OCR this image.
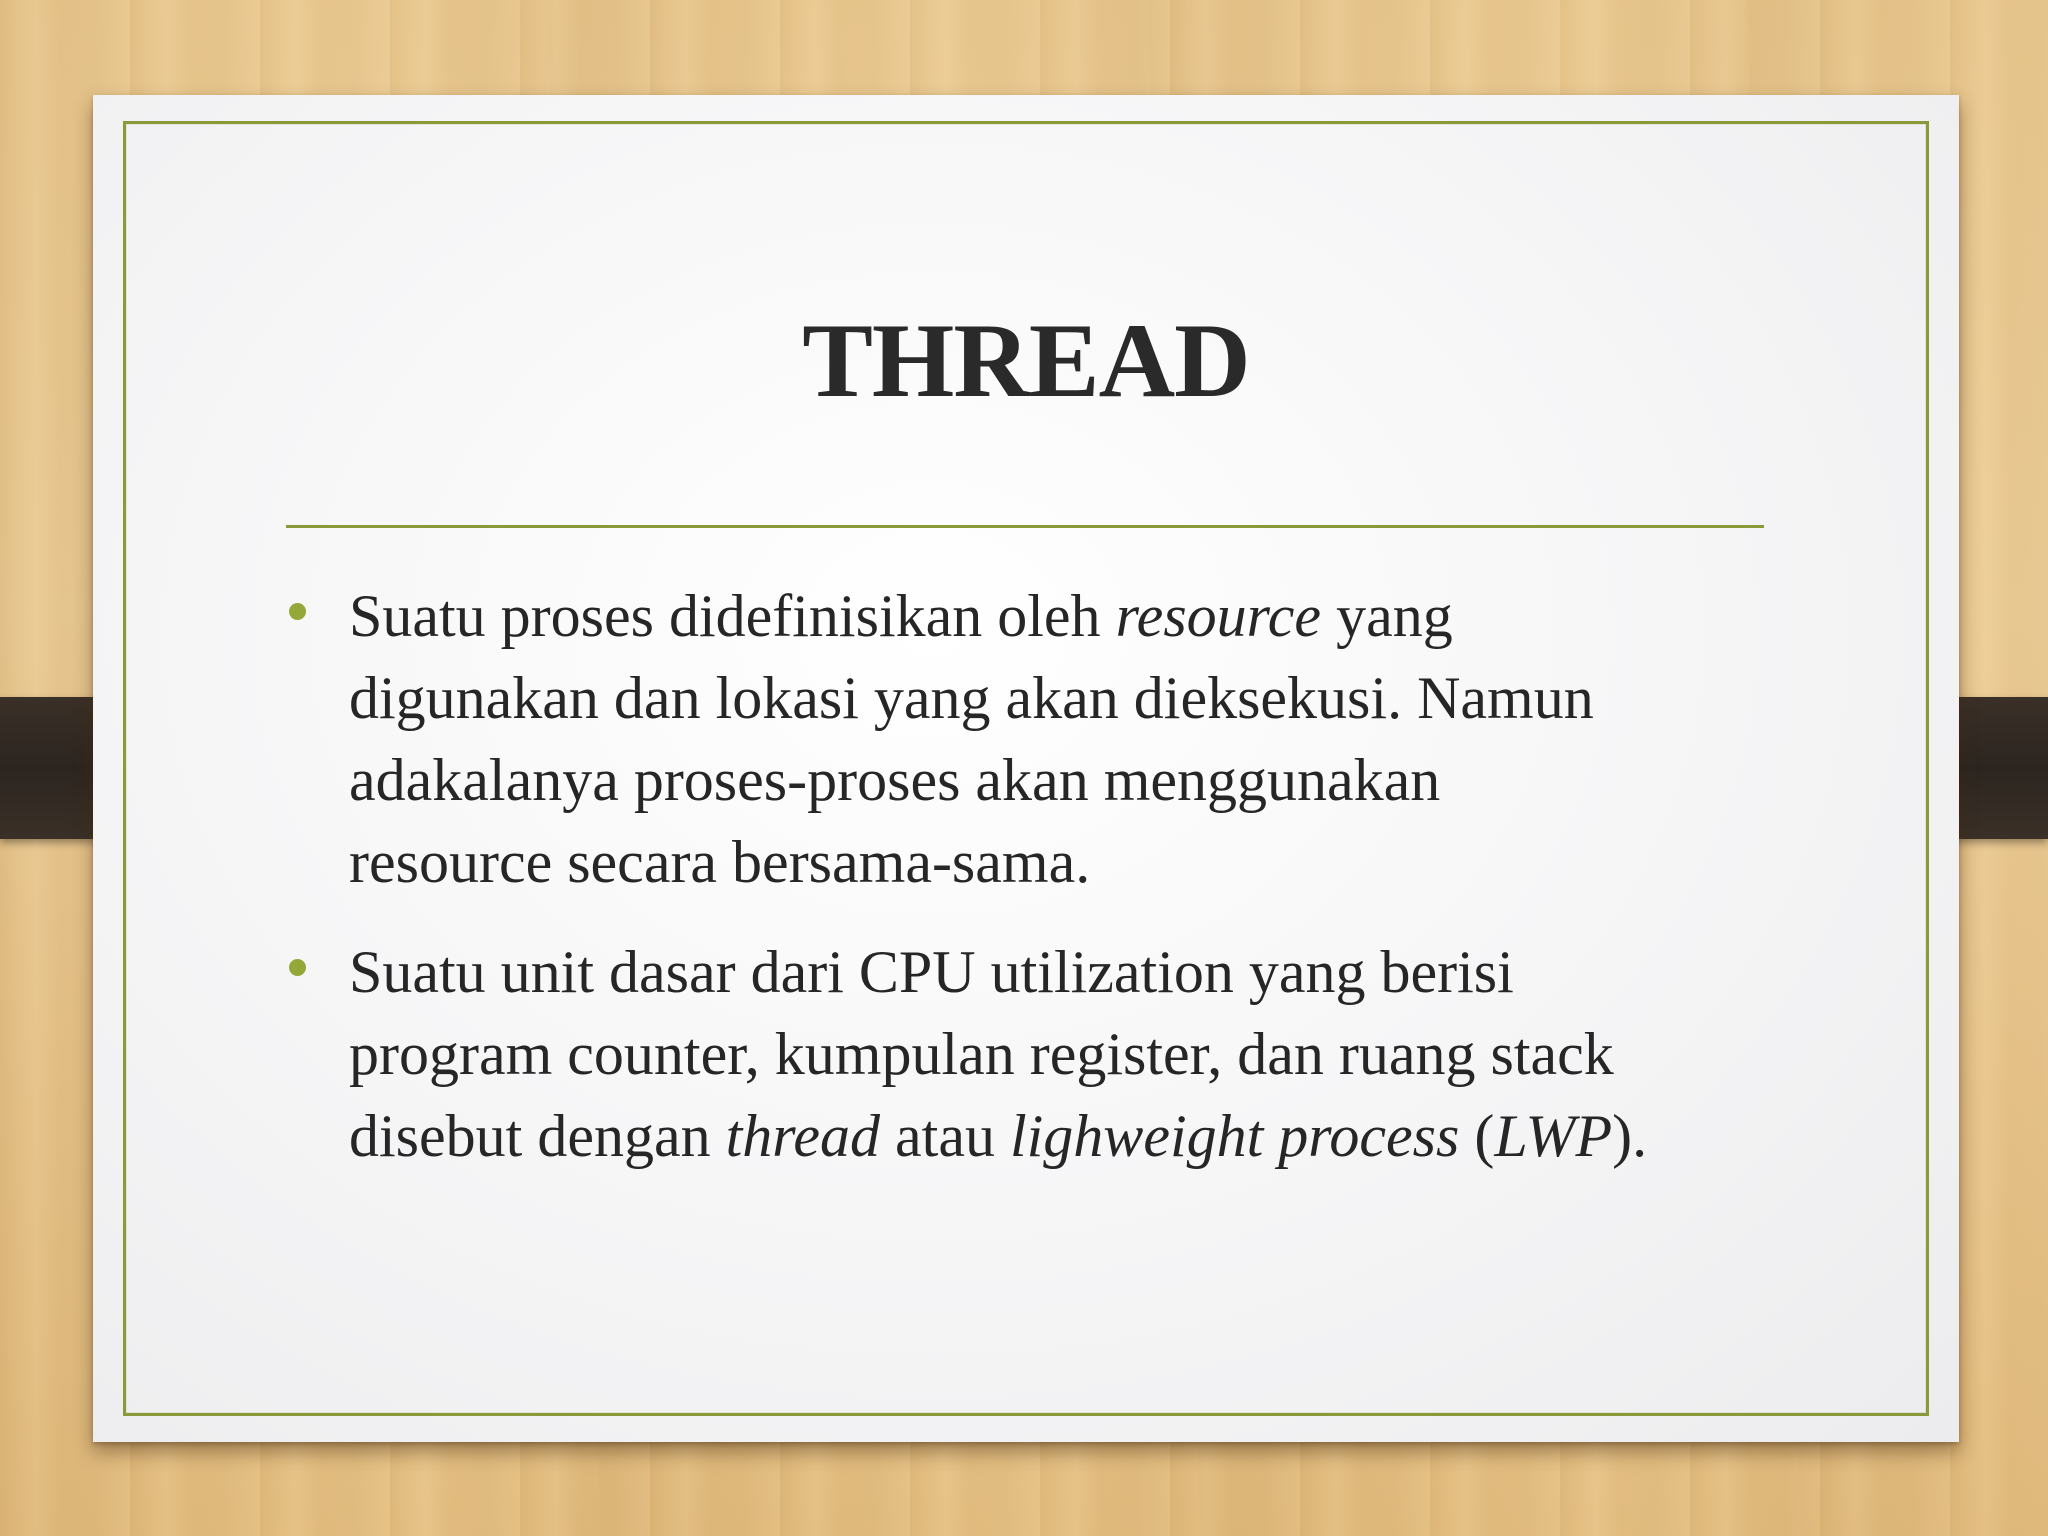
THREAD
Suatu proses didefinisikan oleh resource yang
digunakan dan lokasi yang akan dieksekusi. Namun
adakalanya proses-proses akan menggunakan
resource secara bersama-sama.
Suatu unit dasar dari CPU utilization yang berisi
program counter, kumpulan register, dan ruang stack
disebut dengan thread atau lighweight process (LWP).
